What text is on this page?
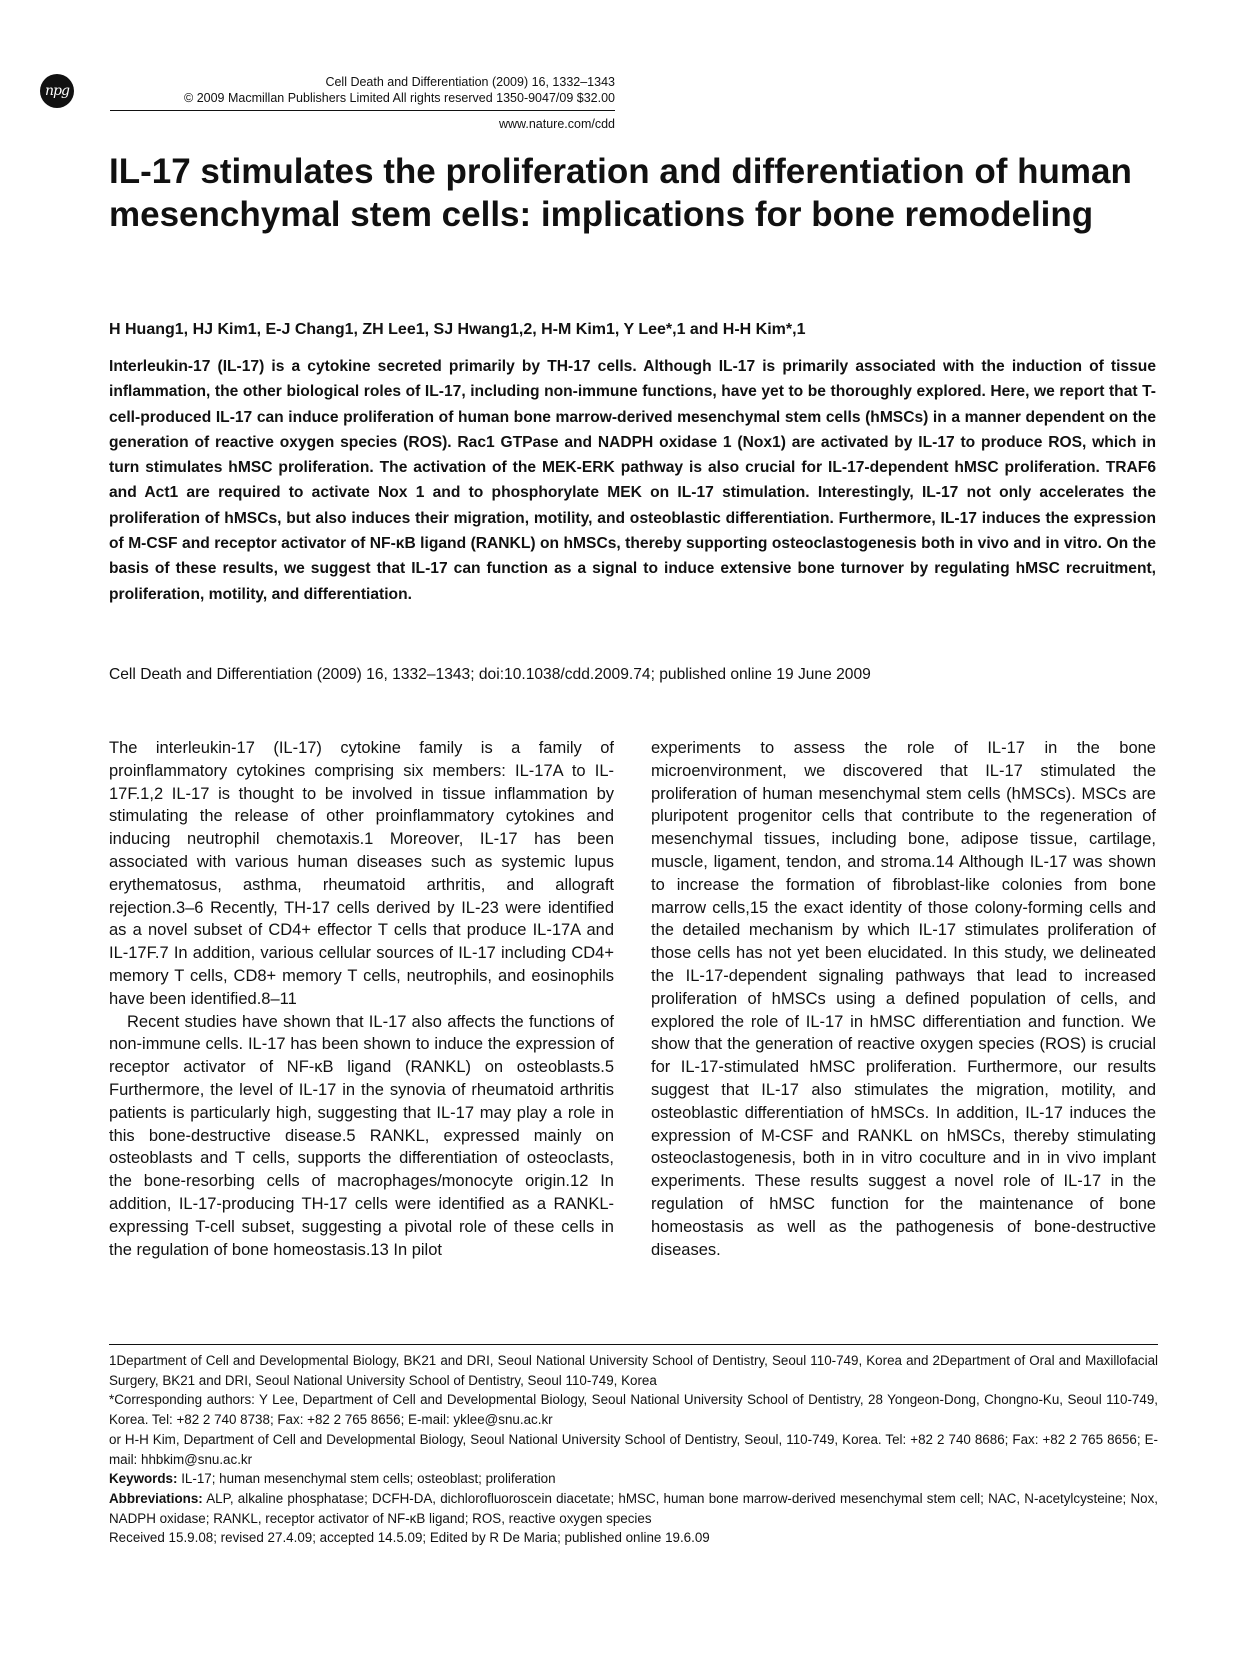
npg
Cell Death and Differentiation (2009) 16, 1332–1343
© 2009 Macmillan Publishers Limited All rights reserved 1350-9047/09 $32.00
www.nature.com/cdd
IL-17 stimulates the proliferation and differentiation of human mesenchymal stem cells: implications for bone remodeling
H Huang1, HJ Kim1, E-J Chang1, ZH Lee1, SJ Hwang1,2, H-M Kim1, Y Lee*,1 and H-H Kim*,1
Interleukin-17 (IL-17) is a cytokine secreted primarily by TH-17 cells. Although IL-17 is primarily associated with the induction of tissue inflammation, the other biological roles of IL-17, including non-immune functions, have yet to be thoroughly explored. Here, we report that T-cell-produced IL-17 can induce proliferation of human bone marrow-derived mesenchymal stem cells (hMSCs) in a manner dependent on the generation of reactive oxygen species (ROS). Rac1 GTPase and NADPH oxidase 1 (Nox1) are activated by IL-17 to produce ROS, which in turn stimulates hMSC proliferation. The activation of the MEK-ERK pathway is also crucial for IL-17-dependent hMSC proliferation. TRAF6 and Act1 are required to activate Nox 1 and to phosphorylate MEK on IL-17 stimulation. Interestingly, IL-17 not only accelerates the proliferation of hMSCs, but also induces their migration, motility, and osteoblastic differentiation. Furthermore, IL-17 induces the expression of M-CSF and receptor activator of NF-κB ligand (RANKL) on hMSCs, thereby supporting osteoclastogenesis both in vivo and in vitro. On the basis of these results, we suggest that IL-17 can function as a signal to induce extensive bone turnover by regulating hMSC recruitment, proliferation, motility, and differentiation.
Cell Death and Differentiation (2009) 16, 1332–1343; doi:10.1038/cdd.2009.74; published online 19 June 2009

The interleukin-17 (IL-17) cytokine family is a family of proinflammatory cytokines comprising six members: IL-17A to IL-17F.1,2 IL-17 is thought to be involved in tissue inflammation by stimulating the release of other proinflammatory cytokines and inducing neutrophil chemotaxis.1 Moreover, IL-17 has been associated with various human diseases such as systemic lupus erythematosus, asthma, rheumatoid arthritis, and allograft rejection.3–6 Recently, TH-17 cells derived by IL-23 were identified as a novel subset of CD4+ effector T cells that produce IL-17A and IL-17F.7 In addition, various cellular sources of IL-17 including CD4+ memory T cells, CD8+ memory T cells, neutrophils, and eosinophils have been identified.8–11

Recent studies have shown that IL-17 also affects the functions of non-immune cells. IL-17 has been shown to induce the expression of receptor activator of NF-κB ligand (RANKL) on osteoblasts.5 Furthermore, the level of IL-17 in the synovia of rheumatoid arthritis patients is particularly high, suggesting that IL-17 may play a role in this bone-destructive disease.5 RANKL, expressed mainly on osteoblasts and T cells, supports the differentiation of osteoclasts, the bone-resorbing cells of macrophages/monocyte origin.12 In addition, IL-17-producing TH-17 cells were identified as a RANKL-expressing T-cell subset, suggesting a pivotal role of these cells in the regulation of bone homeostasis.13 In pilot

experiments to assess the role of IL-17 in the bone microenvironment, we discovered that IL-17 stimulated the proliferation of human mesenchymal stem cells (hMSCs). MSCs are pluripotent progenitor cells that contribute to the regeneration of mesenchymal tissues, including bone, adipose tissue, cartilage, muscle, ligament, tendon, and stroma.14 Although IL-17 was shown to increase the formation of fibroblast-like colonies from bone marrow cells,15 the exact identity of those colony-forming cells and the detailed mechanism by which IL-17 stimulates proliferation of those cells has not yet been elucidated. In this study, we delineated the IL-17-dependent signaling pathways that lead to increased proliferation of hMSCs using a defined population of cells, and explored the role of IL-17 in hMSC differentiation and function. We show that the generation of reactive oxygen species (ROS) is crucial for IL-17-stimulated hMSC proliferation. Furthermore, our results suggest that IL-17 also stimulates the migration, motility, and osteoblastic differentiation of hMSCs. In addition, IL-17 induces the expression of M-CSF and RANKL on hMSCs, thereby stimulating osteoclastogenesis, both in in vitro coculture and in in vivo implant experiments. These results suggest a novel role of IL-17 in the regulation of hMSC function for the maintenance of bone homeostasis as well as the pathogenesis of bone-destructive diseases.

1Department of Cell and Developmental Biology, BK21 and DRI, Seoul National University School of Dentistry, Seoul 110-749, Korea and 2Department of Oral and Maxillofacial Surgery, BK21 and DRI, Seoul National University School of Dentistry, Seoul 110-749, Korea
*Corresponding authors: Y Lee, Department of Cell and Developmental Biology, Seoul National University School of Dentistry, 28 Yongeon-Dong, Chongno-Ku, Seoul 110-749, Korea. Tel: +82 2 740 8738; Fax: +82 2 765 8656; E-mail: yklee@snu.ac.kr
or H-H Kim, Department of Cell and Developmental Biology, Seoul National University School of Dentistry, Seoul, 110-749, Korea. Tel: +82 2 740 8686; Fax: +82 2 765 8656; E-mail: hhbkim@snu.ac.kr
Keywords: IL-17; human mesenchymal stem cells; osteoblast; proliferation
Abbreviations: ALP, alkaline phosphatase; DCFH-DA, dichlorofluoroscein diacetate; hMSC, human bone marrow-derived mesenchymal stem cell; NAC, N-acetylcysteine; Nox, NADPH oxidase; RANKL, receptor activator of NF-κB ligand; ROS, reactive oxygen species
Received 15.9.08; revised 27.4.09; accepted 14.5.09; Edited by R De Maria; published online 19.6.09
